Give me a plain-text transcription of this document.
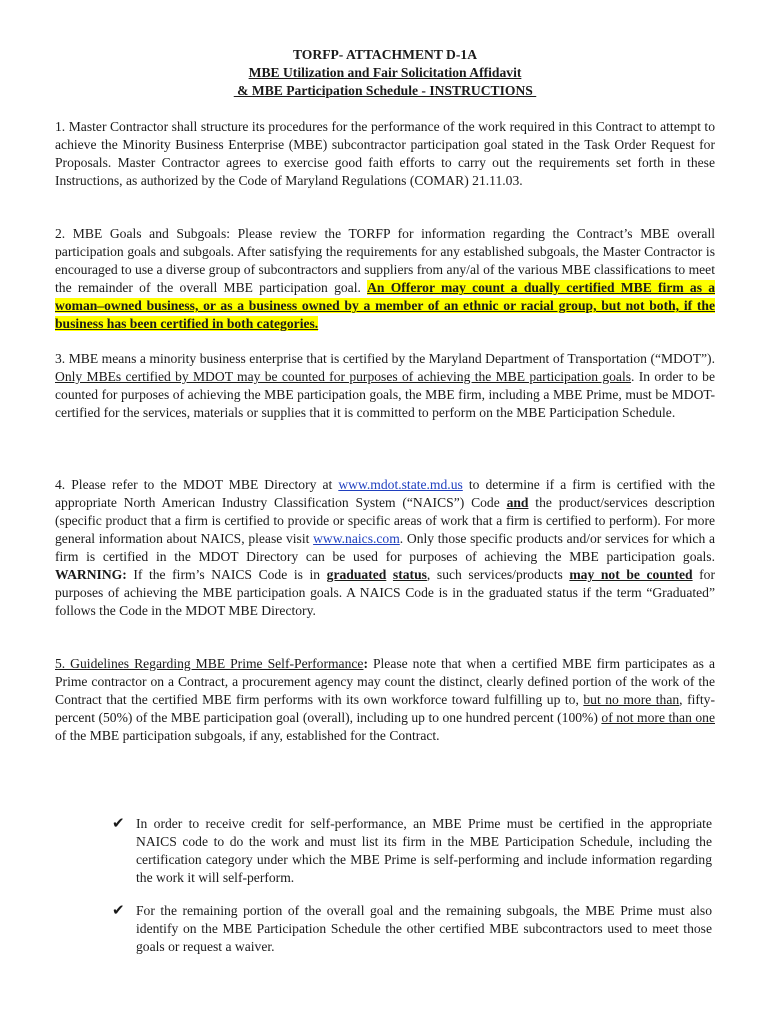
TORFP- ATTACHMENT D-1A
MBE Utilization and Fair Solicitation Affidavit
& MBE Participation Schedule - INSTRUCTIONS

1. Master Contractor shall structure its procedures for the performance of the work required in this Contract to attempt to achieve the Minority Business Enterprise (MBE) subcontractor participation goal stated in the Task Order Request for Proposals. Master Contractor agrees to exercise good faith efforts to carry out the requirements set forth in these Instructions, as authorized by the Code of Maryland Regulations (COMAR) 21.11.03.

2. MBE Goals and Subgoals: Please review the TORFP for information regarding the Contract’s MBE overall participation goals and subgoals. After satisfying the requirements for any established subgoals, the Master Contractor is encouraged to use a diverse group of subcontractors and suppliers from any/al of the various MBE classifications to meet the remainder of the overall MBE participation goal. An Offeror may count a dually certified MBE firm as a woman–owned business, or as a business owned by a member of an ethnic or racial group, but not both, if the business has been certified in both categories.

3. MBE means a minority business enterprise that is certified by the Maryland Department of Transportation (“MDOT”). Only MBEs certified by MDOT may be counted for purposes of achieving the MBE participation goals. In order to be counted for purposes of achieving the MBE participation goals, the MBE firm, including a MBE Prime, must be MDOT-certified for the services, materials or supplies that it is committed to perform on the MBE Participation Schedule.

4. Please refer to the MDOT MBE Directory at www.mdot.state.md.us to determine if a firm is certified with the appropriate North American Industry Classification System (“NAICS”) Code and the product/services description (specific product that a firm is certified to provide or specific areas of work that a firm is certified to perform). For more general information about NAICS, please visit www.naics.com. Only those specific products and/or services for which a firm is certified in the MDOT Directory can be used for purposes of achieving the MBE participation goals. WARNING: If the firm’s NAICS Code is in graduated status, such services/products may not be counted for purposes of achieving the MBE participation goals. A NAICS Code is in the graduated status if the term “Graduated” follows the Code in the MDOT MBE Directory.

5. Guidelines Regarding MBE Prime Self-Performance: Please note that when a certified MBE firm participates as a Prime contractor on a Contract, a procurement agency may count the distinct, clearly defined portion of the work of the Contract that the certified MBE firm performs with its own workforce toward fulfilling up to, but no more than, fifty-percent (50%) of the MBE participation goal (overall), including up to one hundred percent (100%) of not more than one of the MBE participation subgoals, if any, established for the Contract.

✔ In order to receive credit for self-performance, an MBE Prime must be certified in the appropriate NAICS code to do the work and must list its firm in the MBE Participation Schedule, including the certification category under which the MBE Prime is self-performing and include information regarding the work it will self-perform.

✔ For the remaining portion of the overall goal and the remaining subgoals, the MBE Prime must also identify on the MBE Participation Schedule the other certified MBE subcontractors used to meet those goals or request a waiver.
